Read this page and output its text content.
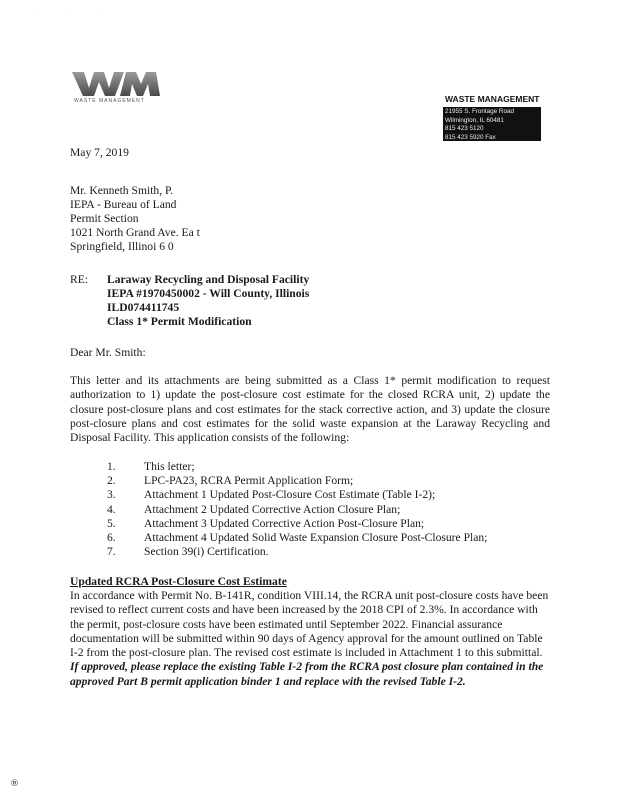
· · ·
WASTE MANAGEMENT	WASTE MANAGEMENT
21955 S. Frontage Road
Wilmington, IL 60481
815 423 5120
815 423 5920 Fax
May 7, 2019
Mr. Kenneth Smith, P.
IEPA - Bureau of Land
Permit Section
1021 North Grand Ave. Ea t
Springfield, Illinoi 6 0
RE: Laraway Recycling and Disposal Facility
IEPA #1970450002 - Will County, Illinois
ILD074411745
Class 1* Permit Modification
Dear Mr. Smith:
This letter and its attachments are being submitted as a Class 1* permit modification to request authorization to 1) update the post-closure cost estimate for the closed RCRA unit, 2) update the closure post-closure plans and cost estimates for the stack corrective action, and 3) update the closure post-closure plans and cost estimates for the solid waste expansion at the Laraway Recycling and Disposal Facility. This application consists of the following:
1. This letter;
2. LPC-PA23, RCRA Permit Application Form;
3. Attachment 1 Updated Post-Closure Cost Estimate (Table I-2);
4. Attachment 2 Updated Corrective Action Closure Plan;
5. Attachment 3 Updated Corrective Action Post-Closure Plan;
6. Attachment 4 Updated Solid Waste Expansion Closure Post-Closure Plan;
7. Section 39(i) Certification.
Updated RCRA Post-Closure Cost Estimate
In accordance with Permit No. B-141R, condition VIII.14, the RCRA unit post-closure costs have been revised to reflect current costs and have been increased by the 2018 CPI of 2.3%. In accordance with the permit, post-closure costs have been estimated until September 2022. Financial assurance documentation will be submitted within 90 days of Agency approval for the amount outlined on Table I-2 from the post-closure plan. The revised cost estimate is included in Attachment 1 to this submittal. If approved, please replace the existing Table I-2 from the RCRA post closure plan contained in the approved Part B permit application binder 1 and replace with the revised Table I-2.
®
